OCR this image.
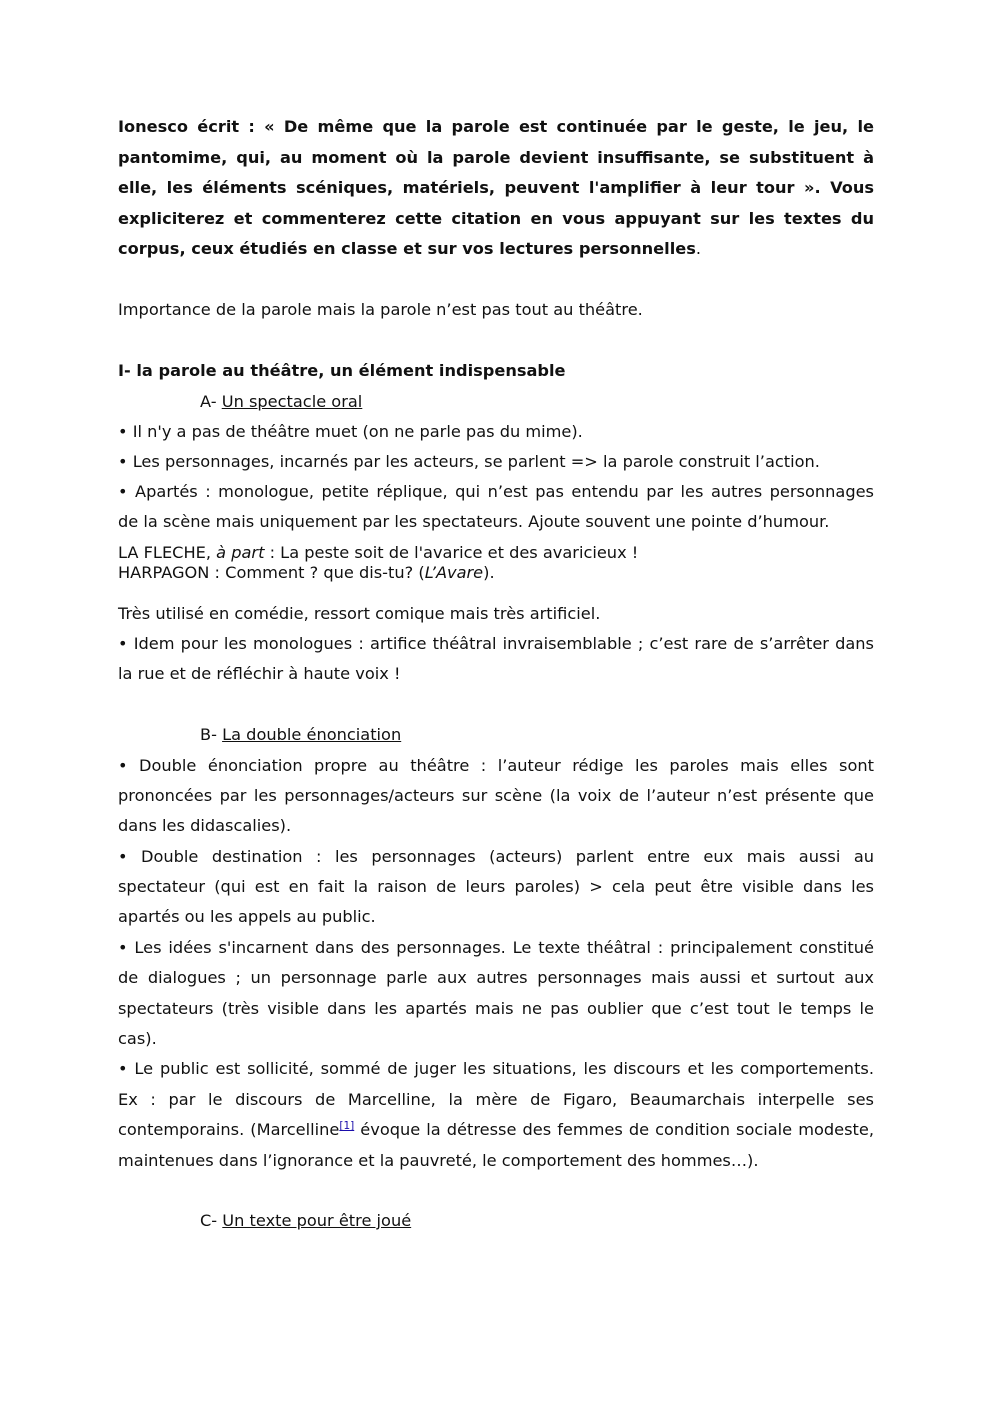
Ionesco écrit : « De même que la parole est continuée par le geste, le jeu, le
pantomime, qui, au moment où la parole devient insuffisante, se substituent à
elle, les éléments scéniques, matériels, peuvent l'amplifier à leur tour ». Vous
expliciterez et commenterez cette citation en vous appuyant sur les textes du
corpus, ceux étudiés en classe et sur vos lectures personnelles.
Importance de la parole mais la parole n’est pas tout au théâtre.
I- la parole au théâtre, un élément indispensable
A- Un spectacle oral
• Il n'y a pas de théâtre muet (on ne parle pas du mime).
• Les personnages, incarnés par les acteurs, se parlent => la parole construit l’action.
• Apartés : monologue, petite réplique, qui n’est pas entendu par les autres personnages
de la scène mais uniquement par les spectateurs. Ajoute souvent une pointe d’humour.
LA FLECHE, à part : La peste soit de l'avarice et des avaricieux !
HARPAGON : Comment ? que dis-tu? (L’Avare).
Très utilisé en comédie, ressort comique mais très artificiel.
• Idem pour les monologues : artifice théâtral invraisemblable ; c’est rare de s’arrêter dans
la rue et de réfléchir à haute voix !
B- La double énonciation
• Double énonciation propre au théâtre : l’auteur rédige les paroles mais elles sont
prononcées par les personnages/acteurs sur scène (la voix de l’auteur n’est présente que
dans les didascalies).
• Double destination : les personnages (acteurs) parlent entre eux mais aussi au
spectateur (qui est en fait la raison de leurs paroles) > cela peut être visible dans les
apartés ou les appels au public.
• Les idées s'incarnent dans des personnages. Le texte théâtral : principalement constitué
de dialogues ; un personnage parle aux autres personnages mais aussi et surtout aux
spectateurs (très visible dans les apartés mais ne pas oublier que c’est tout le temps le
cas).
• Le public est sollicité, sommé de juger les situations, les discours et les comportements.
Ex : par le discours de Marcelline, la mère de Figaro, Beaumarchais interpelle ses
contemporains. (Marcelline[1] évoque la détresse des femmes de condition sociale modeste,
maintenues dans l’ignorance et la pauvreté, le comportement des hommes…).
C- Un texte pour être joué
